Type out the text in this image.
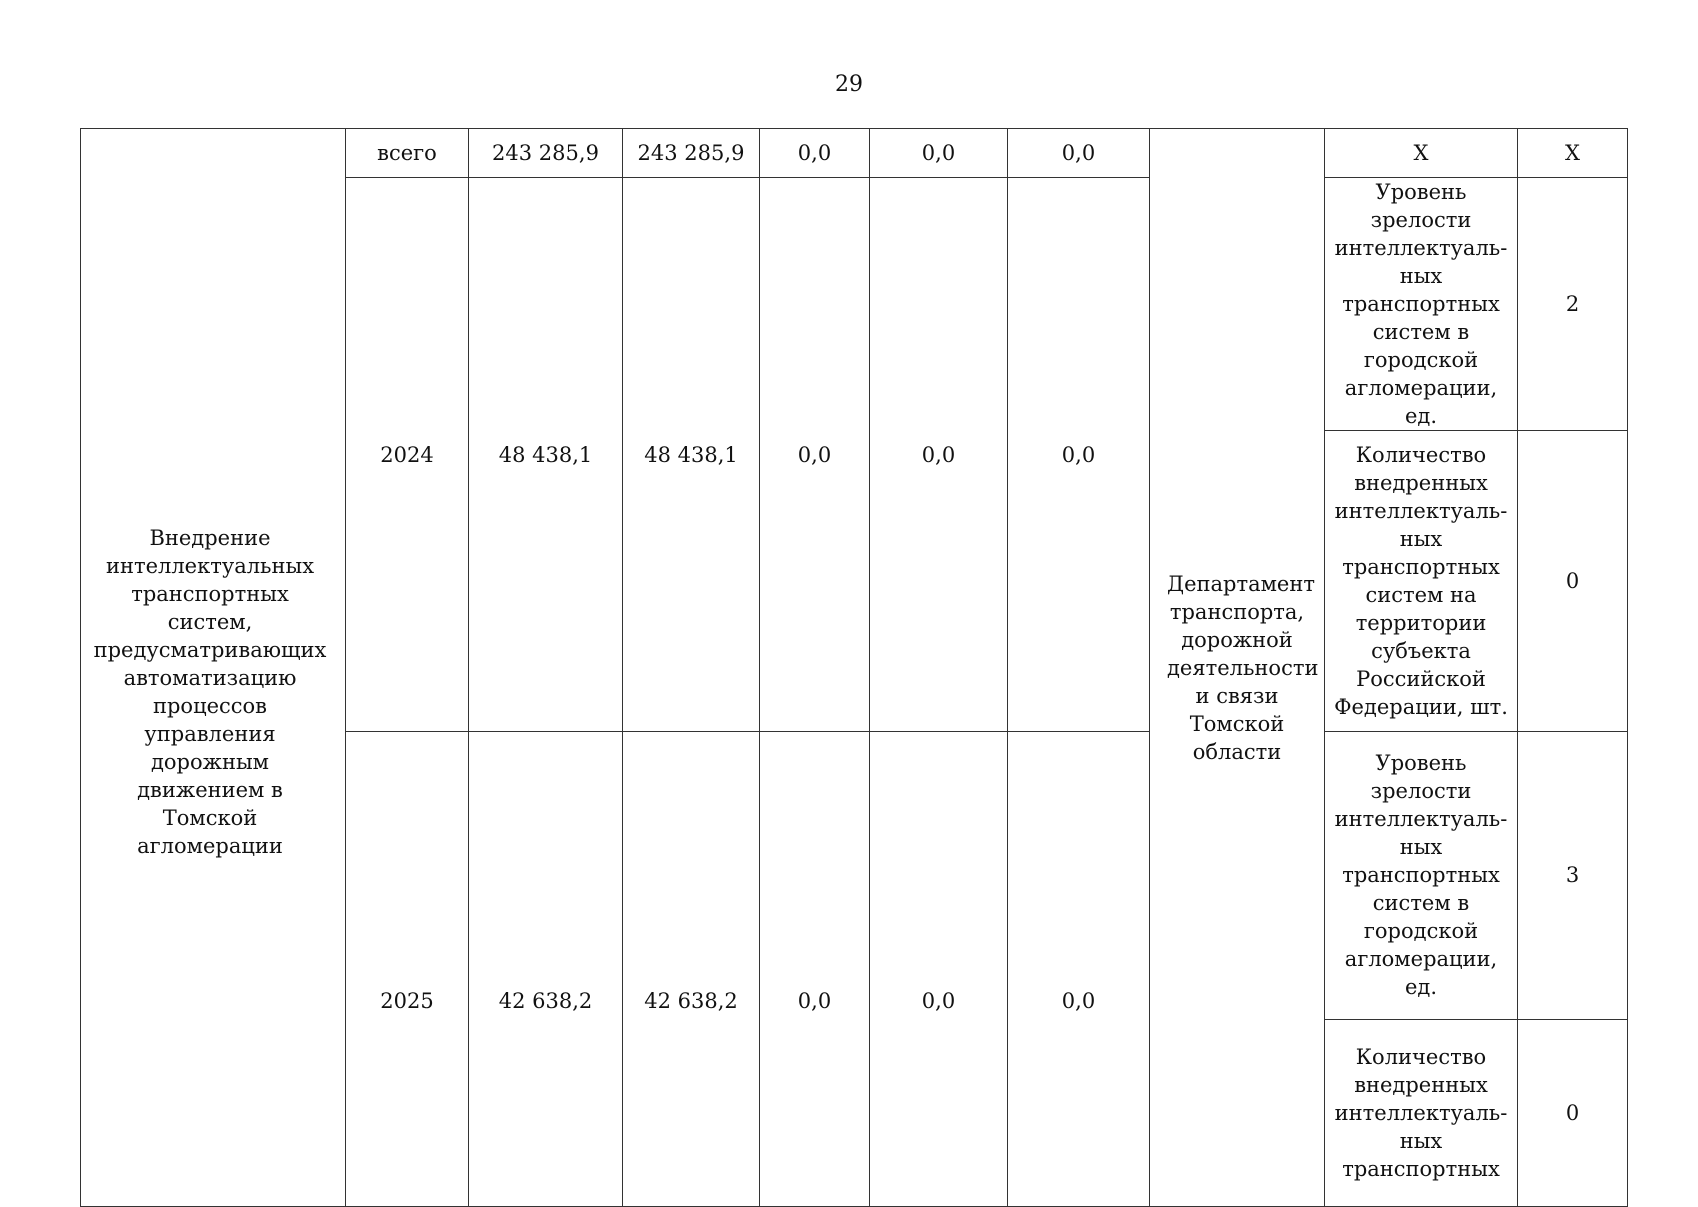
29
Внедрение интеллектуальных транспортных систем, предусматривающих автоматизацию процессов управления дорожным движением в Томской агломерации	всего	243 285,9	243 285,9	0,0	0,0	0,0	Департамент транспорта, дорожной деятельности и связи Томской области	X	X
	2024	48 438,1	48 438,1	0,0	0,0	0,0		Уровень зрелости интеллектуаль-ных транспортных систем в городской агломерации, ед.	2
								Количество внедренных интеллектуаль-ных транспортных систем на территории субъекта Российской Федерации, шт.	0
	2025	42 638,2	42 638,2	0,0	0,0	0,0		Уровень зрелости интеллектуаль-ных транспортных систем в городской агломерации, ед.	3
								Количество внедренных интеллектуаль-ных транспортных	0
